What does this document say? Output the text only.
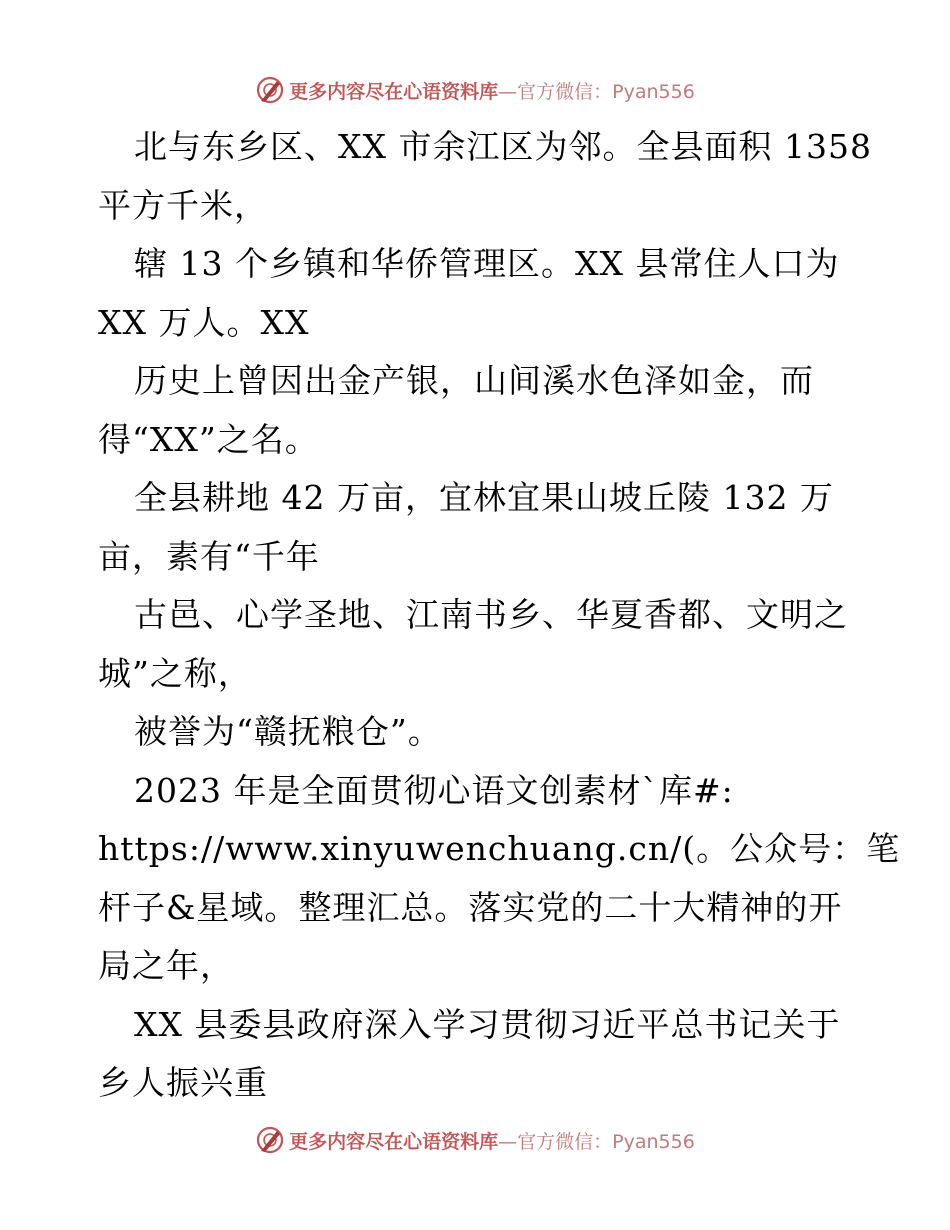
更多内容尽在心语资料库—官方微信：Pyan556
北与东乡区、XX 市余江区为邻。全县面积 1358
平方千米，
辖 13 个乡镇和华侨管理区。XX 县常住人口为
XX 万人。XX
历史上曾因出金产银，山间溪水色泽如金，而
得“XX”之名。
全县耕地 42 万亩，宜林宜果山坡丘陵 132 万
亩，素有“千年
古邑、心学圣地、江南书乡、华夏香都、文明之
城”之称，
被誉为“赣抚粮仓”。
2023 年是全面贯彻心语文创素材`库#:
https://www.xinyuwenchuang.cn/(。公众号：笔
杆子&星域。整理汇总。落实党的二十大精神的开
局之年，
XX 县委县政府深入学习贯彻习近平总书记关于
乡人振兴重
更多内容尽在心语资料库—官方微信：Pyan556
